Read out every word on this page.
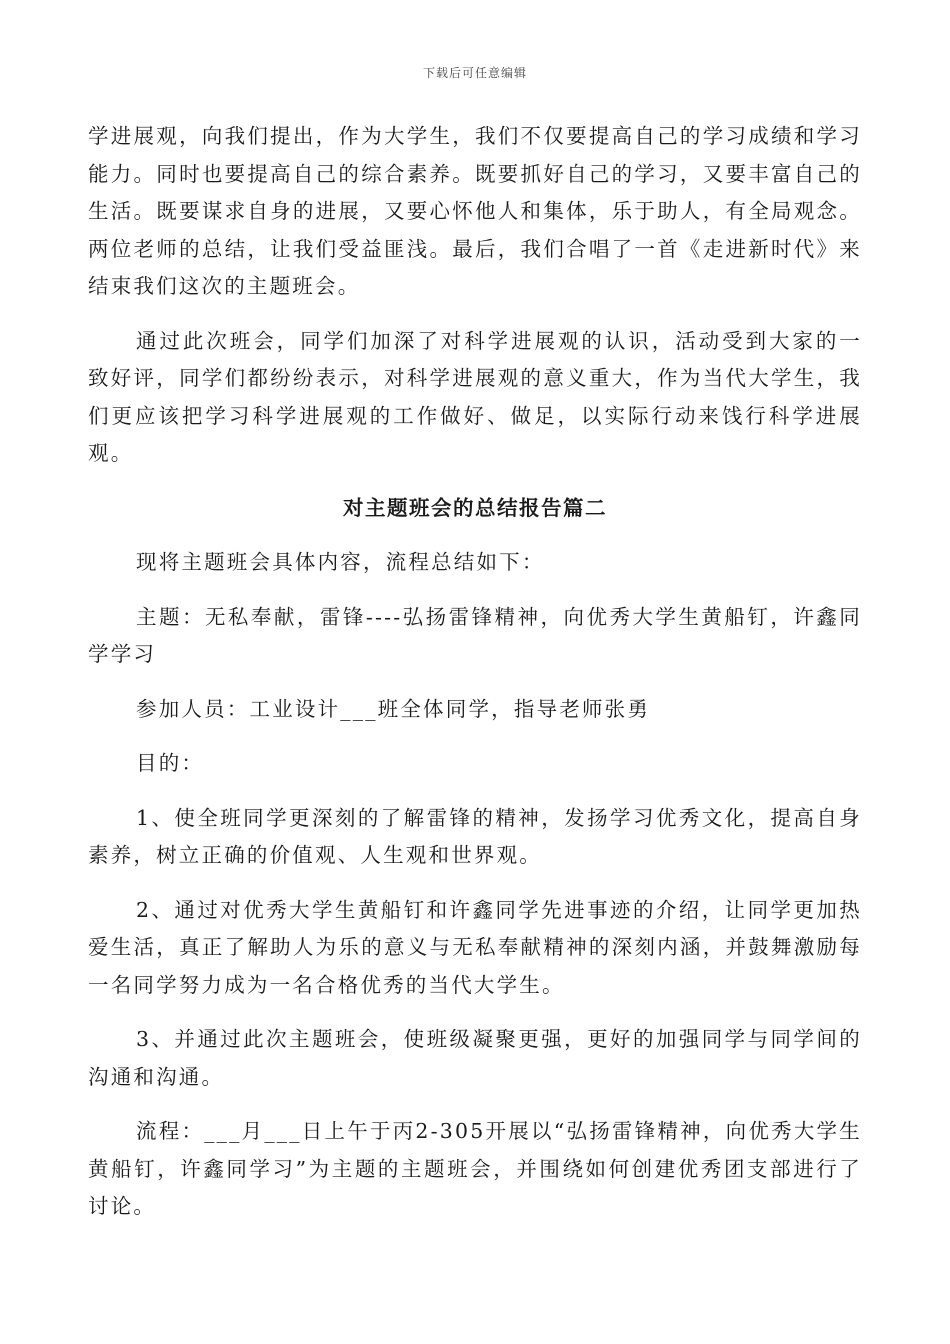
下载后可任意编辑

学进展观，向我们提出，作为大学生，我们不仅要提高自己的学习成绩和学习能力。同时也要提高自己的综合素养。既要抓好自己的学习，又要丰富自己的生活。既要谋求自身的进展，又要心怀他人和集体，乐于助人，有全局观念。两位老师的总结，让我们受益匪浅。最后，我们合唱了一首《走进新时代》来结束我们这次的主题班会。

通过此次班会，同学们加深了对科学进展观的认识，活动受到大家的一致好评，同学们都纷纷表示，对科学进展观的意义重大，作为当代大学生，我们更应该把学习科学进展观的工作做好、做足，以实际行动来饯行科学进展观。

对主题班会的总结报告篇二

现将主题班会具体内容，流程总结如下：

主题：无私奉献，雷锋----弘扬雷锋精神，向优秀大学生黄船钉，许鑫同学学习

参加人员：工业设计___班全体同学，指导老师张勇

目的：

1、使全班同学更深刻的了解雷锋的精神，发扬学习优秀文化，提高自身素养，树立正确的价值观、人生观和世界观。

2、通过对优秀大学生黄船钉和许鑫同学先进事迹的介绍，让同学更加热爱生活，真正了解助人为乐的意义与无私奉献精神的深刻内涵，并鼓舞激励每一名同学努力成为一名合格优秀的当代大学生。

3、并通过此次主题班会，使班级凝聚更强，更好的加强同学与同学间的沟通和沟通。

流程：___月___日上午于丙2-305开展以“弘扬雷锋精神，向优秀大学生黄船钉，许鑫同学习”为主题的主题班会，并围绕如何创建优秀团支部进行了讨论。
